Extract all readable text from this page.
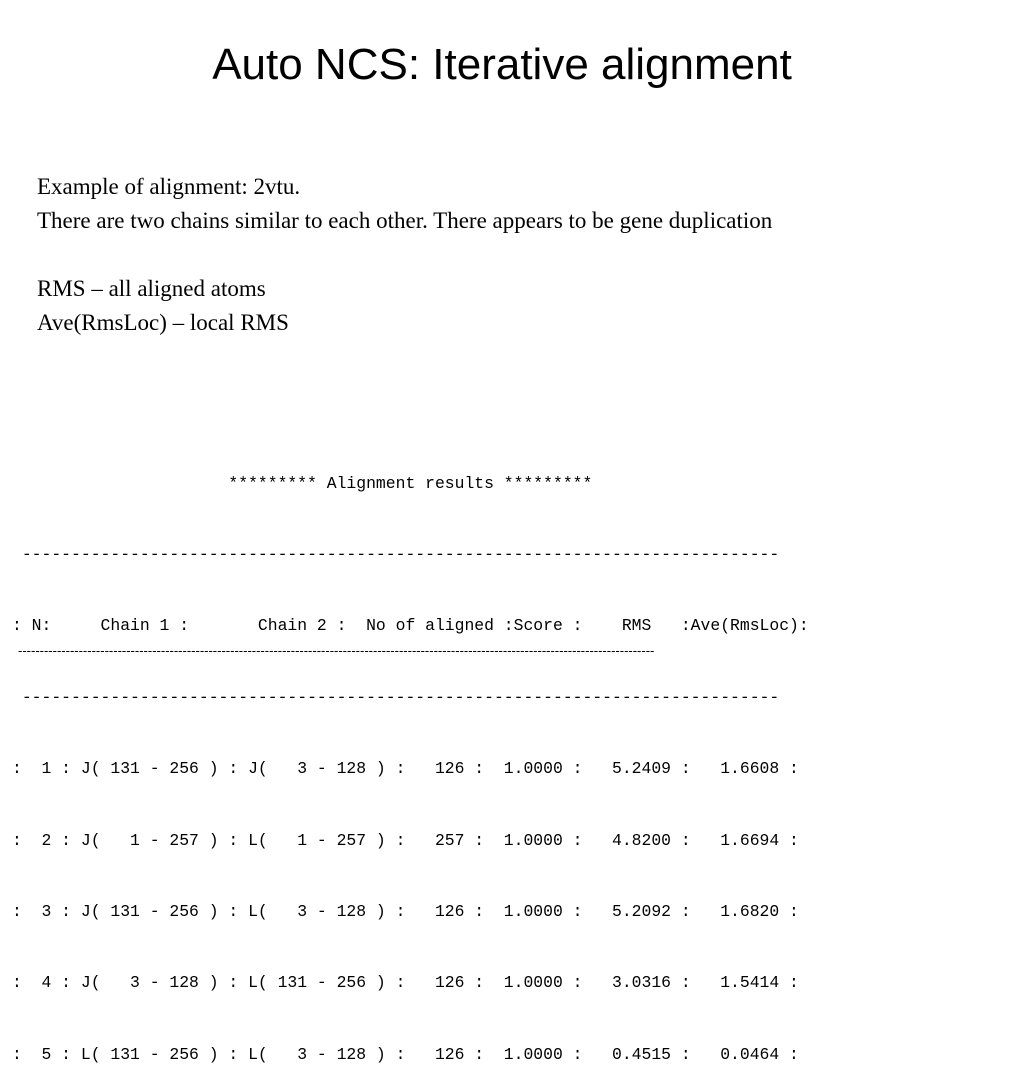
Auto NCS: Iterative alignment
Example of alignment: 2vtu.
There are two chains similar to each other. There appears to be gene duplication
RMS – all aligned atoms
Ave(RmsLoc) – local RMS

********* Alignment results *********

-----------------------------------------------------------------------------

: N:     Chain 1 :       Chain 2 :  No of aligned :Score :    RMS   :Ave(RmsLoc):

-----------------------------------------------------------------------------

:  1 : J( 131 - 256 ) : J(   3 - 128 ) :   126 :  1.0000 :   5.2409 :   1.6608 :

:  2 : J(   1 - 257 ) : L(   1 - 257 ) :   257 :  1.0000 :   4.8200 :   1.6694 :

:  3 : J( 131 - 256 ) : L(   3 - 128 ) :   126 :  1.0000 :   5.2092 :   1.6820 :

:  4 : J(   3 - 128 ) : L( 131 - 256 ) :   126 :  1.0000 :   3.0316 :   1.5414 :

:  5 : L( 131 - 256 ) : L(   3 - 128 ) :   126 :  1.0000 :   0.4515 :   0.0464 :

---------------------------------------------------------------------------------------------------------------------------------------------------
